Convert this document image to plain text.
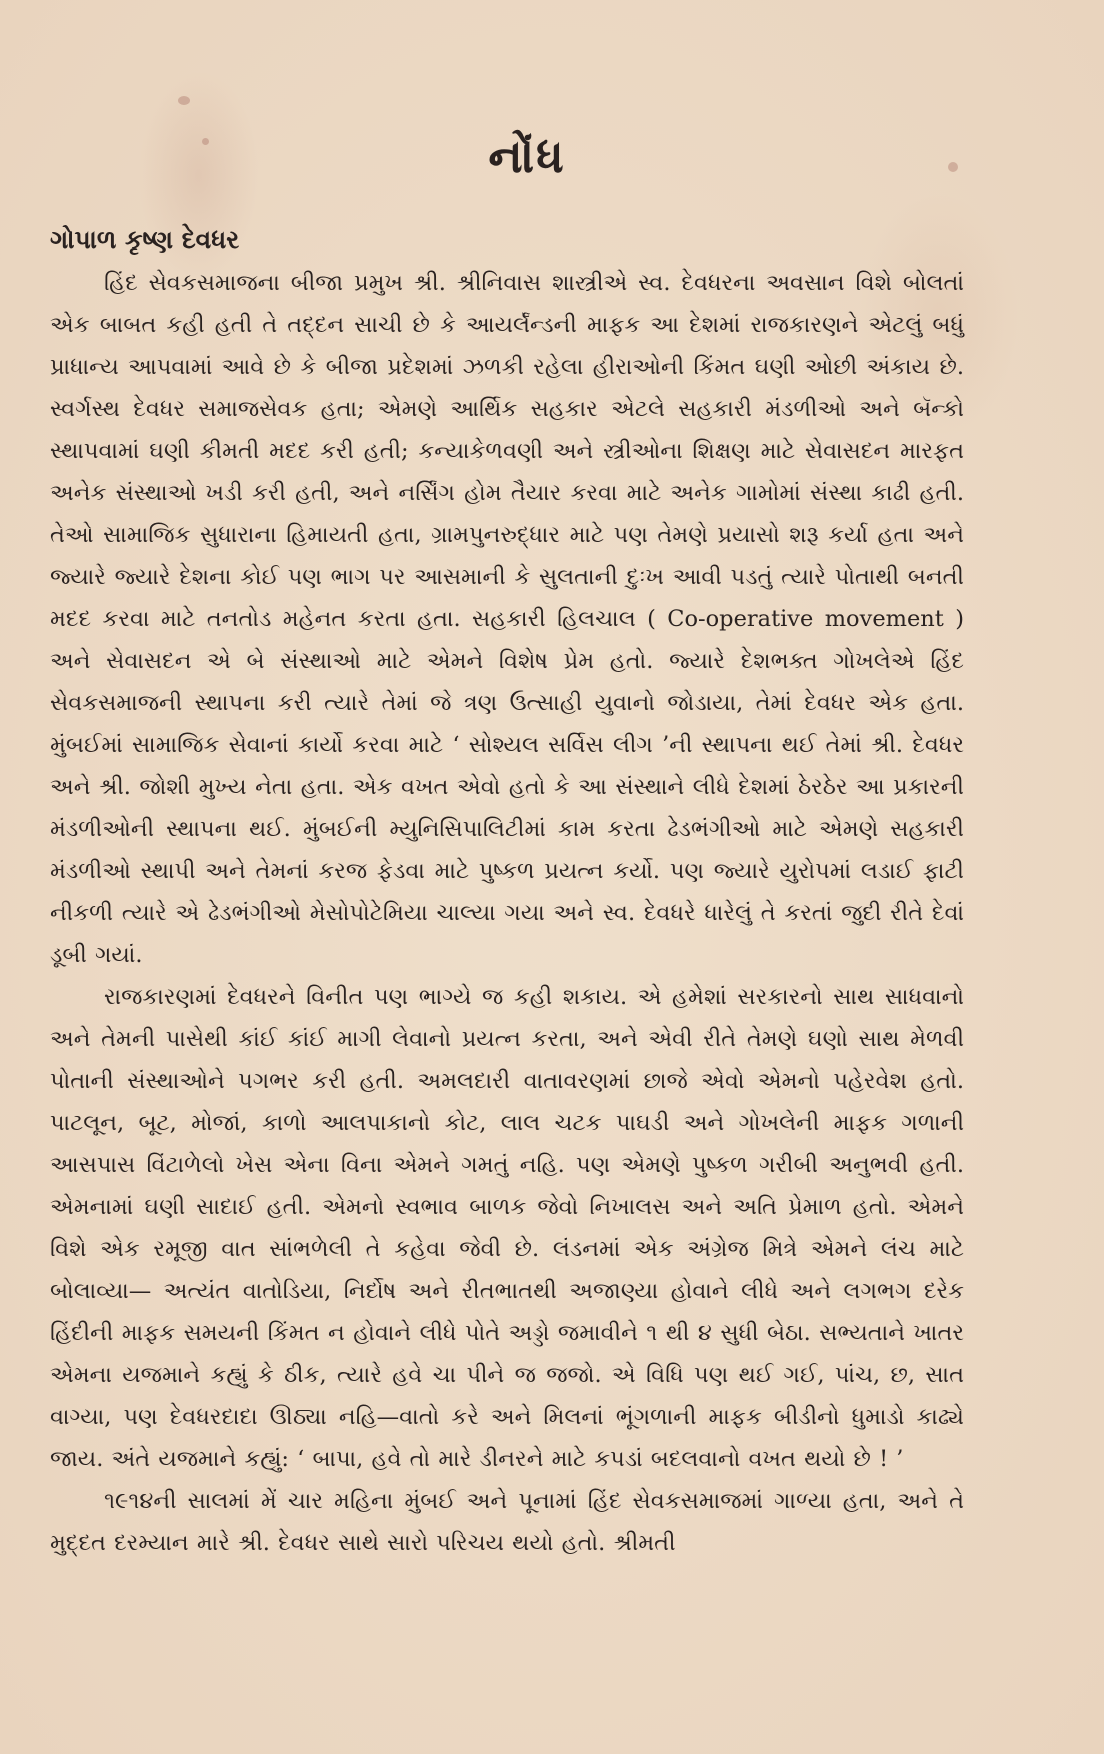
નોંધ
ગોપાળ કૃષ્ણ દેવધર

હિંદ સેવકસમાજના બીજા પ્રમુખ શ્રી. શ્રીનિવાસ શાસ્ત્રીએ સ્વ. દેવધરના અવસાન વિશે બોલતાં એક બાબત કહી હતી તે તદ્દન સાચી છે કે આયર્લૅન્ડની માફક આ દેશમાં રાજકારણને એટલું બધું પ્રાધાન્ય આપવામાં આવે છે કે બીજા પ્રદેશમાં ઝળકી રહેલા હીરાઓની કિંમત ઘણી ઓછી અંકાય છે. સ્વર્ગસ્થ દેવધર સમાજસેવક હતા; એમણે આર્થિક સહકાર એટલે સહકારી મંડળીઓ અને બૅન્કો સ્થાપવામાં ઘણી કીમતી મદદ કરી હતી; કન્યાકેળવણી અને સ્ત્રીઓના શિક્ષણ માટે સેવાસદન મારફત અનેક સંસ્થાઓ ખડી કરી હતી, અને નર્સિંગ હોમ તૈયાર કરવા માટે અનેક ગામોમાં સંસ્થા કાઢી હતી. તેઓ સામાજિક સુધારાના હિમાયતી હતા, ગ્રામપુનરુદ્ધાર માટે પણ તેમણે પ્રયાસો શરૂ કર્યા હતા અને જ્યારે જ્યારે દેશના કોઈ પણ ભાગ પર આસમાની કે સુલતાની દુઃખ આવી પડતું ત્યારે પોતાથી બનતી મદદ કરવા માટે તનતોડ મહેનત કરતા હતા. સહકારી હિલચાલ ( Co-operative movement ) અને સેવાસદન એ બે સંસ્થાઓ માટે એમને વિશેષ પ્રેમ હતો. જ્યારે દેશભક્ત ગોખલેએ હિંદ સેવકસમાજની સ્થાપના કરી ત્યારે તેમાં જે ત્રણ ઉત્સાહી યુવાનો જોડાયા, તેમાં દેવધર એક હતા. મુંબઈમાં સામાજિક સેવાનાં કાર્યો કરવા માટે ‘ સોશ્યલ સર્વિસ લીગ ’ની સ્થાપના થઈ તેમાં શ્રી. દેવધર અને શ્રી. જોશી મુખ્ય નેતા હતા. એક વખત એવો હતો કે આ સંસ્થાને લીધે દેશમાં ઠેરઠેર આ પ્રકારની મંડળીઓની સ્થાપના થઈ. મુંબઈની મ્યુનિસિપાલિટીમાં કામ કરતા ઢેડભંગીઓ માટે એમણે સહકારી મંડળીઓ સ્થાપી અને તેમનાં કરજ ફેડવા માટે પુષ્કળ પ્રયત્ન કર્યો. પણ જ્યારે યુરોપમાં લડાઈ ફાટી નીકળી ત્યારે એ ઢેડભંગીઓ મેસોપોટેમિયા ચાલ્યા ગયા અને સ્વ. દેવધરે ધારેલું તે કરતાં જુદી રીતે દેવાં ડૂબી ગયાં.

રાજકારણમાં દેવધરને વિનીત પણ ભાગ્યે જ કહી શકાય. એ હમેશાં સરકારનો સાથ સાધવાનો અને તેમની પાસેથી કાંઈ કાંઈ માગી લેવાનો પ્રયત્ન કરતા, અને એવી રીતે તેમણે ઘણો સાથ મેળવી પોતાની સંસ્થાઓને પગભર કરી હતી. અમલદારી વાતાવરણમાં છાજે એવો એમનો પહેરવેશ હતો. પાટલૂન, બૂટ, મોજાં, કાળો આલપાકાનો કોટ, લાલ ચટક પાઘડી અને ગોખલેની માફક ગળાની આસપાસ વિંટાળેલો ખેસ એના વિના એમને ગમતું નહિ. પણ એમણે પુષ્કળ ગરીબી અનુભવી હતી. એમનામાં ઘણી સાદાઈ હતી. એમનો સ્વભાવ બાળક જેવો નિખાલસ અને અતિ પ્રેમાળ હતો. એમને વિશે એક રમૂજી વાત સાંભળેલી તે કહેવા જેવી છે. લંડનમાં એક અંગ્રેજ મિત્રે એમને લંચ માટે બોલાવ્યા— અત્યંત વાતોડિયા, નિર્દોષ અને રીતભાતથી અજાણ્યા હોવાને લીધે અને લગભગ દરેક હિંદીની માફક સમયની કિંમત ન હોવાને લીધે પોતે અડ્ડો જમાવીને ૧ થી ૪ સુધી બેઠા. સભ્યતાને ખાતર એમના યજમાને કહ્યું કે ઠીક, ત્યારે હવે ચા પીને જ જજો. એ વિધિ પણ થઈ ગઈ, પાંચ, છ, સાત વાગ્યા, પણ દેવધરદાદા ઊઠ્યા નહિ—વાતો કરે અને મિલનાં ભૂંગળાની માફક બીડીનો ધુમાડો કાઢ્યે જાય. અંતે યજમાને કહ્યું: ‘ બાપા, હવે તો મારે ડીનરને માટે કપડાં બદલવાનો વખત થયો છે ! ’

૧૯૧૪ની સાલમાં મેં ચાર મહિના મુંબઈ અને પૂનામાં હિંદ સેવકસમાજમાં ગાળ્યા હતા, અને તે મુદ્દત દરમ્યાન મારે શ્રી. દેવધર સાથે સારો પરિચય થયો હતો. શ્રીમતી
